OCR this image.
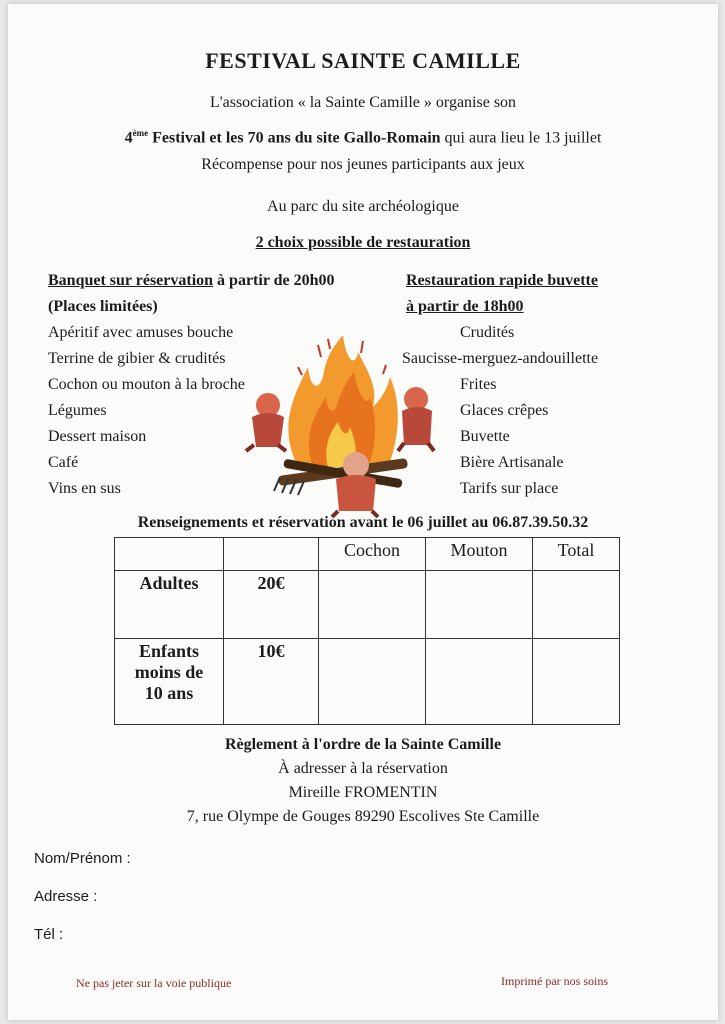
FESTIVAL SAINTE CAMILLE
L'association « la Sainte Camille » organise son
4ème Festival et les 70 ans du site Gallo-Romain qui aura lieu le 13 juillet
Récompense pour nos jeunes participants aux jeux
Au parc du site archéologique
2 choix possible de restauration
Banquet sur réservation à partir de 20h00
(Places limitées)
Apéritif avec amuses bouche
Terrine de gibier & crudités
Cochon ou mouton à la broche
Légumes
Dessert maison
Café
Vins en sus
Restauration rapide buvette
à partir de 18h00
Crudités
Saucisse-merguez-andouillette
Frites
Glaces crêpes
Buvette
Bière Artisanale
Tarifs sur place
Renseignements et réservation avant le 06 juillet au 06.87.39.50.32
		Cochon	Mouton	Total
Adultes	20€			

Enfants
moins de
10 ans	10€			
Règlement à l'ordre de la Sainte Camille
À adresser à la réservation
Mireille FROMENTIN
7, rue Olympe de Gouges 89290 Escolives Ste Camille
Nom/Prénom :
Adresse :
Tél :
Ne pas jeter sur la voie publique	Imprimé par nos soins
